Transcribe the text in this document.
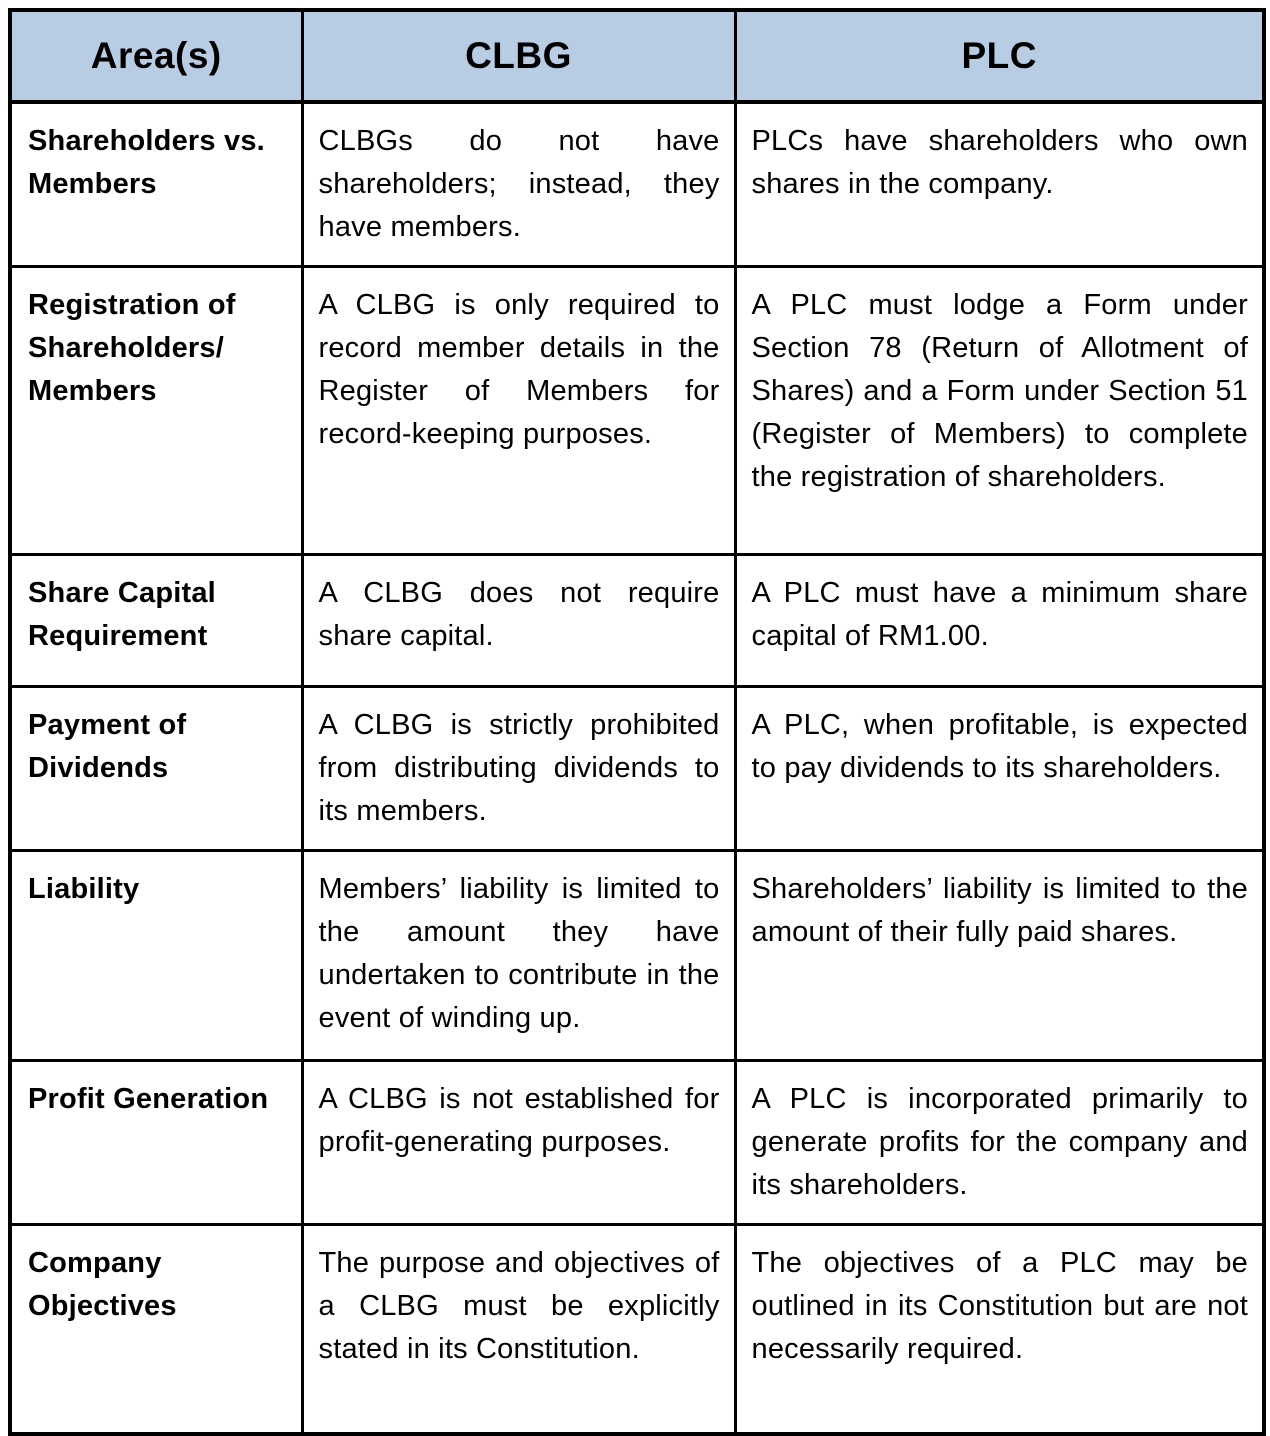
Area(s)	CLBG	PLC
Shareholders vs. Members	CLBGs do not have shareholders; instead, they have members.	PLCs have shareholders who own shares in the company.
Registration of Shareholders/ Members	A CLBG is only required to record member details in the Register of Members for record-keeping purposes.	A PLC must lodge a Form under Section 78 (Return of Allotment of Shares) and a Form under Section 51 (Register of Members) to complete the registration of shareholders.
Share Capital Requirement	A CLBG does not require share capital.	A PLC must have a minimum share capital of RM1.00.
Payment of Dividends	A CLBG is strictly prohibited from distributing dividends to its members.	A PLC, when profitable, is expected to pay dividends to its shareholders.
Liability	Members’ liability is limited to the amount they have undertaken to contribute in the event of winding up.	Shareholders’ liability is limited to the amount of their fully paid shares.
Profit Generation	A CLBG is not established for profit-generating purposes.	A PLC is incorporated primarily to generate profits for the company and its shareholders.
Company Objectives	The purpose and objectives of a CLBG must be explicitly stated in its Constitution.	The objectives of a PLC may be outlined in its Constitution but are not necessarily required.
